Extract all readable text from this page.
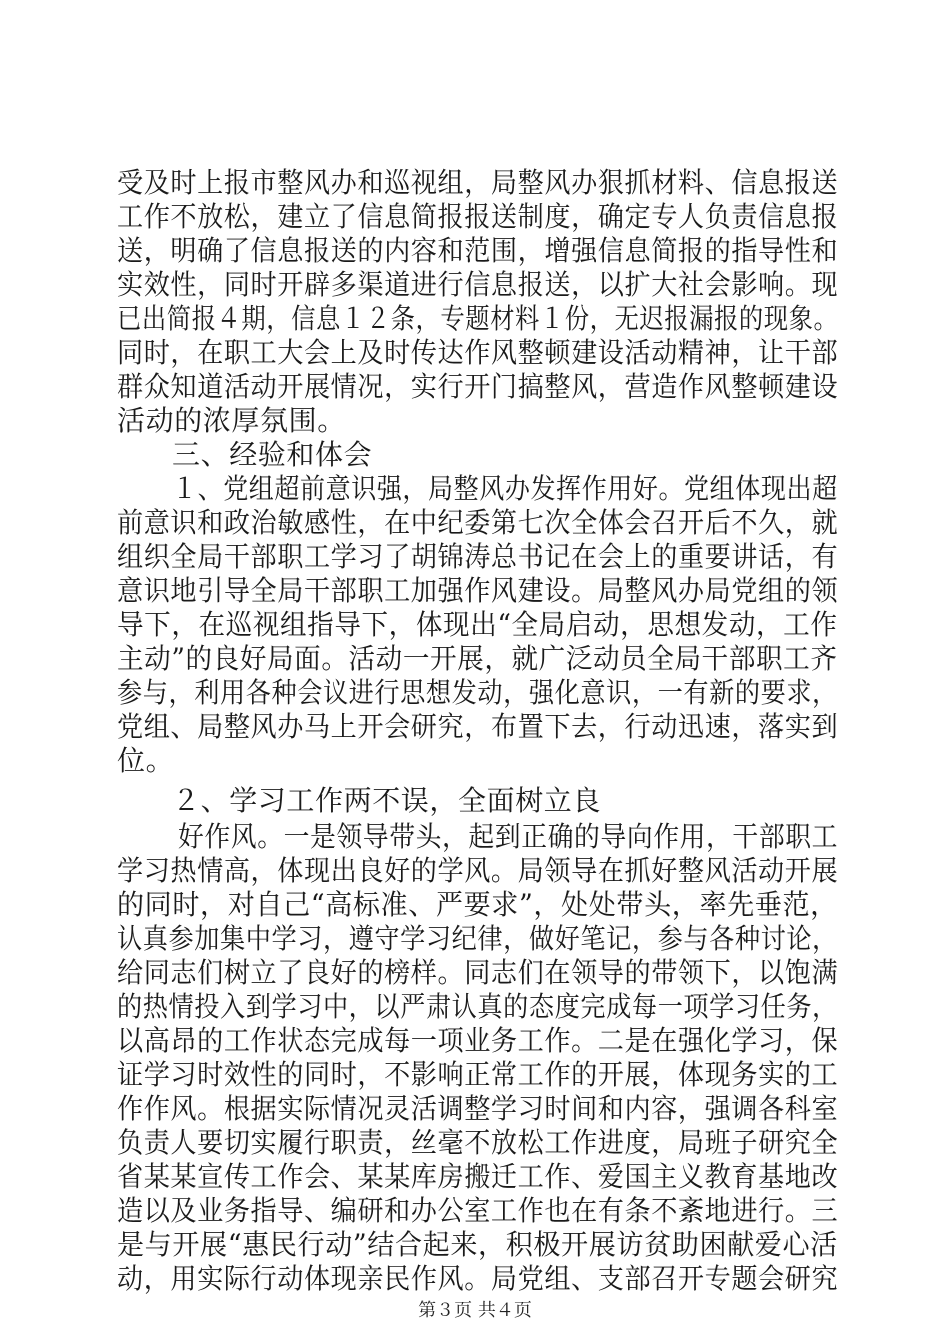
受及时上报市整风办和巡视组，局整风办狠抓材料、信息报送
工作不放松，建立了信息简报报送制度，确定专人负责信息报
送，明确了信息报送的内容和范围，增强信息简报的指导性和
实效性，同时开辟多渠道进行信息报送，以扩大社会影响。现
已出简报４期，信息１２条，专题材料１份，无迟报漏报的现象。
同时，在职工大会上及时传达作风整顿建设活动精神，让干部
群众知道活动开展情况，实行开门搞整风，营造作风整顿建设
活动的浓厚氛围。
三、经验和体会
１、党组超前意识强，局整风办发挥作用好。党组体现出超
前意识和政治敏感性，在中纪委第七次全体会召开后不久，就
组织全局干部职工学习了胡锦涛总书记在会上的重要讲话，有
意识地引导全局干部职工加强作风建设。局整风办局党组的领
导下，在巡视组指导下，体现出“全局启动，思想发动，工作
主动”的良好局面。活动一开展，就广泛动员全局干部职工齐
参与，利用各种会议进行思想发动，强化意识，一有新的要求，
党组、局整风办马上开会研究，布置下去，行动迅速，落实到
位。
２、学习工作两不误，全面树立良
好作风。一是领导带头，起到正确的导向作用，干部职工
学习热情高，体现出良好的学风。局领导在抓好整风活动开展
的同时，对自己“高标准、严要求”，处处带头，率先垂范，
认真参加集中学习，遵守学习纪律，做好笔记，参与各种讨论，
给同志们树立了良好的榜样。同志们在领导的带领下，以饱满
的热情投入到学习中，以严肃认真的态度完成每一项学习任务，
以高昂的工作状态完成每一项业务工作。二是在强化学习，保
证学习时效性的同时，不影响正常工作的开展，体现务实的工
作作风。根据实际情况灵活调整学习时间和内容，强调各科室
负责人要切实履行职责，丝毫不放松工作进度，局班子研究全
省某某宣传工作会、某某库房搬迁工作、爱国主义教育基地改
造以及业务指导、编研和办公室工作也在有条不紊地进行。三
是与开展“惠民行动”结合起来，积极开展访贫助困献爱心活
动，用实际行动体现亲民作风。局党组、支部召开专题会研究
第３页 共４页
